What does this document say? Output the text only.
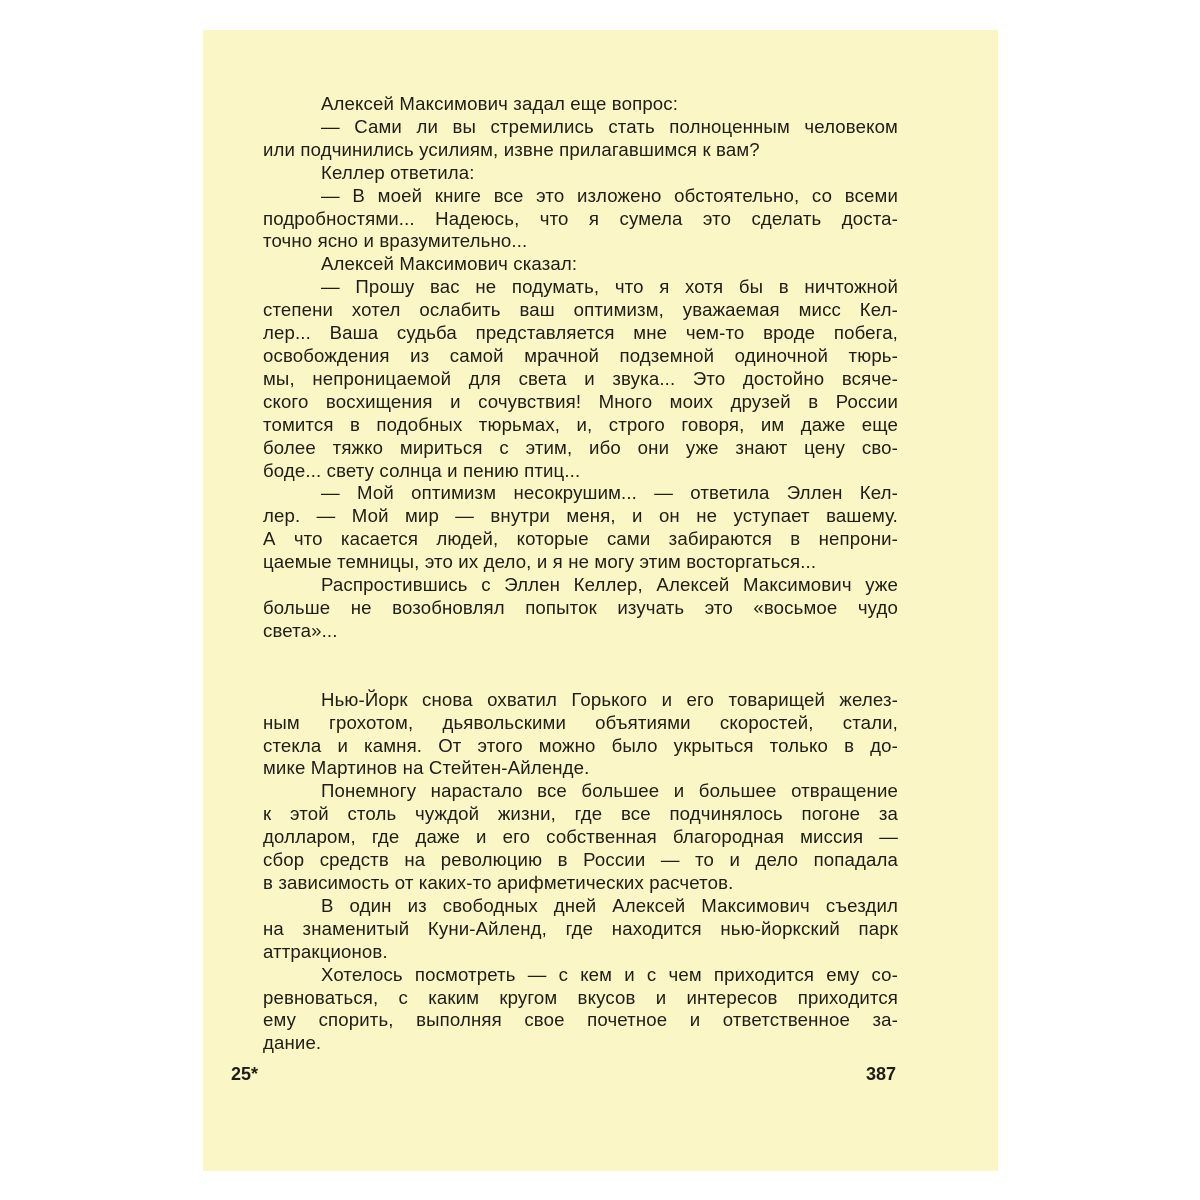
Алексей Максимович задал еще вопрос:
— Сами ли вы стремились стать полноценным человеком
или подчинились усилиям, извне прилагавшимся к вам?
Келлер ответила:
— В моей книге все это изложено обстоятельно, со всеми
подробностями... Надеюсь, что я сумела это сделать доста-
точно ясно и вразумительно...
Алексей Максимович сказал:
— Прошу вас не подумать, что я хотя бы в ничтожной
степени хотел ослабить ваш оптимизм, уважаемая мисс Кел-
лер... Ваша судьба представляется мне чем-то вроде побега,
освобождения из самой мрачной подземной одиночной тюрь-
мы, непроницаемой для света и звука... Это достойно всяче-
ского восхищения и сочувствия! Много моих друзей в России
томится в подобных тюрьмах, и, строго говоря, им даже еще
более тяжко мириться с этим, ибо они уже знают цену сво-
боде... свету солнца и пению птиц...
— Мой оптимизм несокрушим... — ответила Эллен Кел-
лер. — Мой мир — внутри меня, и он не уступает вашему.
А что касается людей, которые сами забираются в непрони-
цаемые темницы, это их дело, и я не могу этим восторгаться...
Распростившись с Эллен Келлер, Алексей Максимович уже
больше не возобновлял попыток изучать это «восьмое чудо
света»...
Нью-Йорк снова охватил Горького и его товарищей желез-
ным грохотом, дьявольскими объятиями скоростей, стали,
стекла и камня. От этого можно было укрыться только в до-
мике Мартинов на Стейтен-Айленде.
Понемногу нарастало все большее и большее отвращение
к этой столь чуждой жизни, где все подчинялось погоне за
долларом, где даже и его собственная благородная миссия —
сбор средств на революцию в России — то и дело попадала
в зависимость от каких-то арифметических расчетов.
В один из свободных дней Алексей Максимович съездил
на знаменитый Куни-Айленд, где находится нью-йоркский парк
аттракционов.
Хотелось посмотреть — с кем и с чем приходится ему со-
ревноваться, с каким кругом вкусов и интересов приходится
ему спорить, выполняя свое почетное и ответственное за-
дание.
25*	387
